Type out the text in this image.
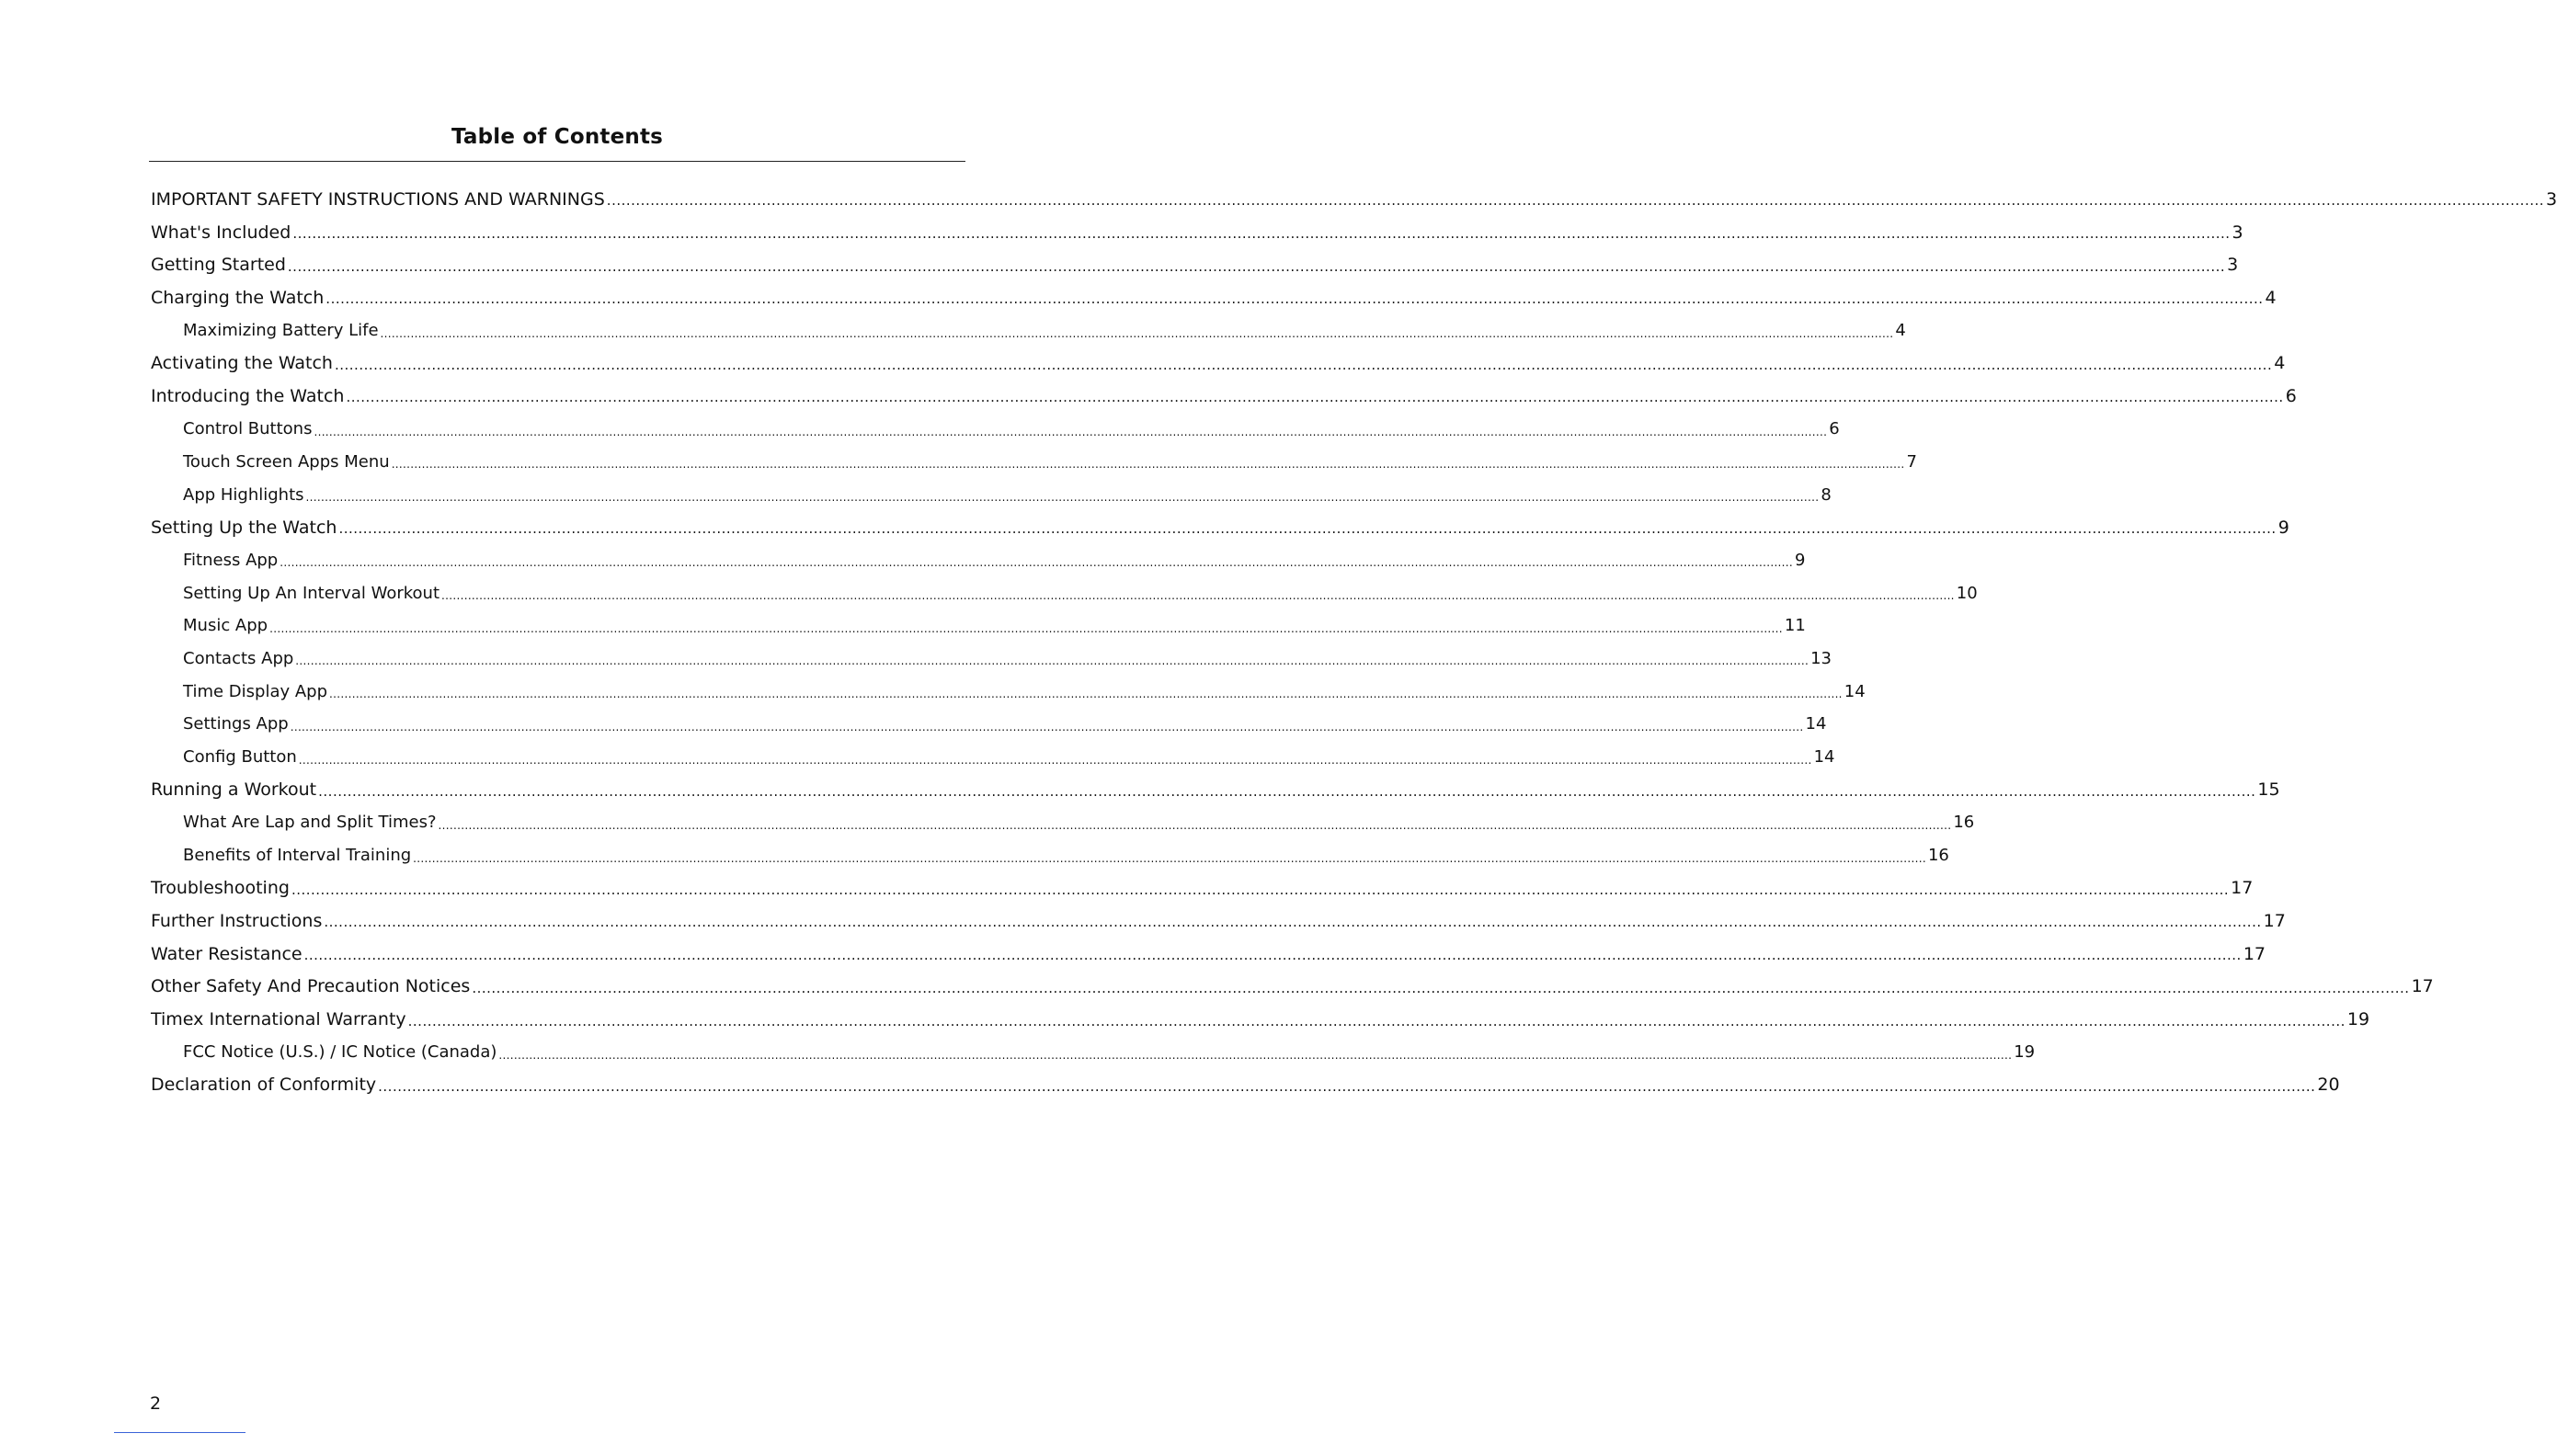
Table of Contents
IMPORTANT SAFETY INSTRUCTIONS AND WARNINGS ................................................................................................................................................................................................................................................................................................................................................................................................................ 3
What's Included ................................................................................................................................................................................................................................................................................................................................................................................................................ 3
Getting Started ................................................................................................................................................................................................................................................................................................................................................................................................................ 3
Charging the Watch ................................................................................................................................................................................................................................................................................................................................................................................................................ 4
Maximizing Battery Life ................................................................................................................................................................................................................................................................................................................................................................................................................ 4
Activating the Watch ................................................................................................................................................................................................................................................................................................................................................................................................................ 4
Introducing the Watch ................................................................................................................................................................................................................................................................................................................................................................................................................ 6
Control Buttons ................................................................................................................................................................................................................................................................................................................................................................................................................ 6
Touch Screen Apps Menu ................................................................................................................................................................................................................................................................................................................................................................................................................ 7
App Highlights ................................................................................................................................................................................................................................................................................................................................................................................................................ 8
Setting Up the Watch ................................................................................................................................................................................................................................................................................................................................................................................................................ 9
Fitness App ................................................................................................................................................................................................................................................................................................................................................................................................................ 9
Setting Up An Interval Workout ................................................................................................................................................................................................................................................................................................................................................................................................................ 10
Music App ................................................................................................................................................................................................................................................................................................................................................................................................................ 11
Contacts App ................................................................................................................................................................................................................................................................................................................................................................................................................ 13
Time Display App ................................................................................................................................................................................................................................................................................................................................................................................................................ 14
Settings App ................................................................................................................................................................................................................................................................................................................................................................................................................ 14
Config Button ................................................................................................................................................................................................................................................................................................................................................................................................................ 14
Running a Workout ................................................................................................................................................................................................................................................................................................................................................................................................................ 15
What Are Lap and Split Times? ................................................................................................................................................................................................................................................................................................................................................................................................................ 16
Benefits of Interval Training ................................................................................................................................................................................................................................................................................................................................................................................................................ 16
Troubleshooting ................................................................................................................................................................................................................................................................................................................................................................................................................ 17
Further Instructions ................................................................................................................................................................................................................................................................................................................................................................................................................ 17
Water Resistance ................................................................................................................................................................................................................................................................................................................................................................................................................ 17
Other Safety And Precaution Notices ................................................................................................................................................................................................................................................................................................................................................................................................................ 17
Timex International Warranty ................................................................................................................................................................................................................................................................................................................................................................................................................ 19
FCC Notice (U.S.) / IC Notice (Canada) ................................................................................................................................................................................................................................................................................................................................................................................................................ 19
Declaration of Conformity ................................................................................................................................................................................................................................................................................................................................................................................................................ 20
2
